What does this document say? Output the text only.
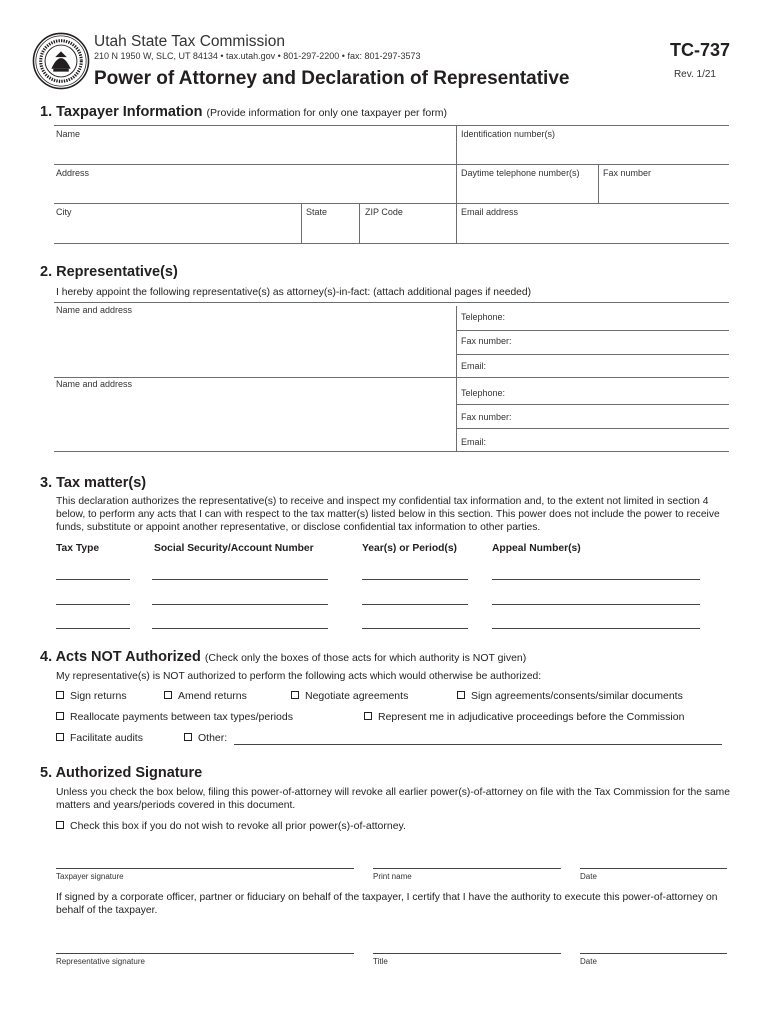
Utah State Tax Commission
210 N 1950 W, SLC, UT 84134 • tax.utah.gov • 801-297-2200 • fax: 801-297-3573
Power of Attorney and Declaration of Representative
TC-737
Rev. 1/21
1. Taxpayer Information (Provide information for only one taxpayer per form)
Name	Identification number(s)
Address	Daytime telephone number(s)	Fax number
City	State	ZIP Code	Email address
2. Representative(s)
I hereby appoint the following representative(s) as attorney(s)-in-fact: (attach additional pages if needed)
Name and address
Telephone:
Fax number:
Email:
Name and address
Telephone:
Fax number:
Email:
3. Tax matter(s)
This declaration authorizes the representative(s) to receive and inspect my confidential tax information and, to the extent not limited in section 4 below, to perform any acts that I can with respect to the tax matter(s) listed below in this section. This power does not include the power to receive funds, substitute or appoint another representative, or disclose confidential tax information to other parties.
Tax Type	Social Security/Account Number	Year(s) or Period(s)	Appeal Number(s)
4. Acts NOT Authorized (Check only the boxes of those acts for which authority is NOT given)
My representative(s) is NOT authorized to perform the following acts which would otherwise be authorized:
Sign returns	Amend returns	Negotiate agreements	Sign agreements/consents/similar documents
Reallocate payments between tax types/periods	Represent me in adjudicative proceedings before the Commission
Facilitate audits	Other:
5. Authorized Signature
Unless you check the box below, filing this power-of-attorney will revoke all earlier power(s)-of-attorney on file with the Tax Commission for the same matters and years/periods covered in this document.
Check this box if you do not wish to revoke all prior power(s)-of-attorney.
Taxpayer signature	Print name	Date
If signed by a corporate officer, partner or fiduciary on behalf of the taxpayer, I certify that I have the authority to execute this power-of-attorney on behalf of the taxpayer.
Representative signature	Title	Date
